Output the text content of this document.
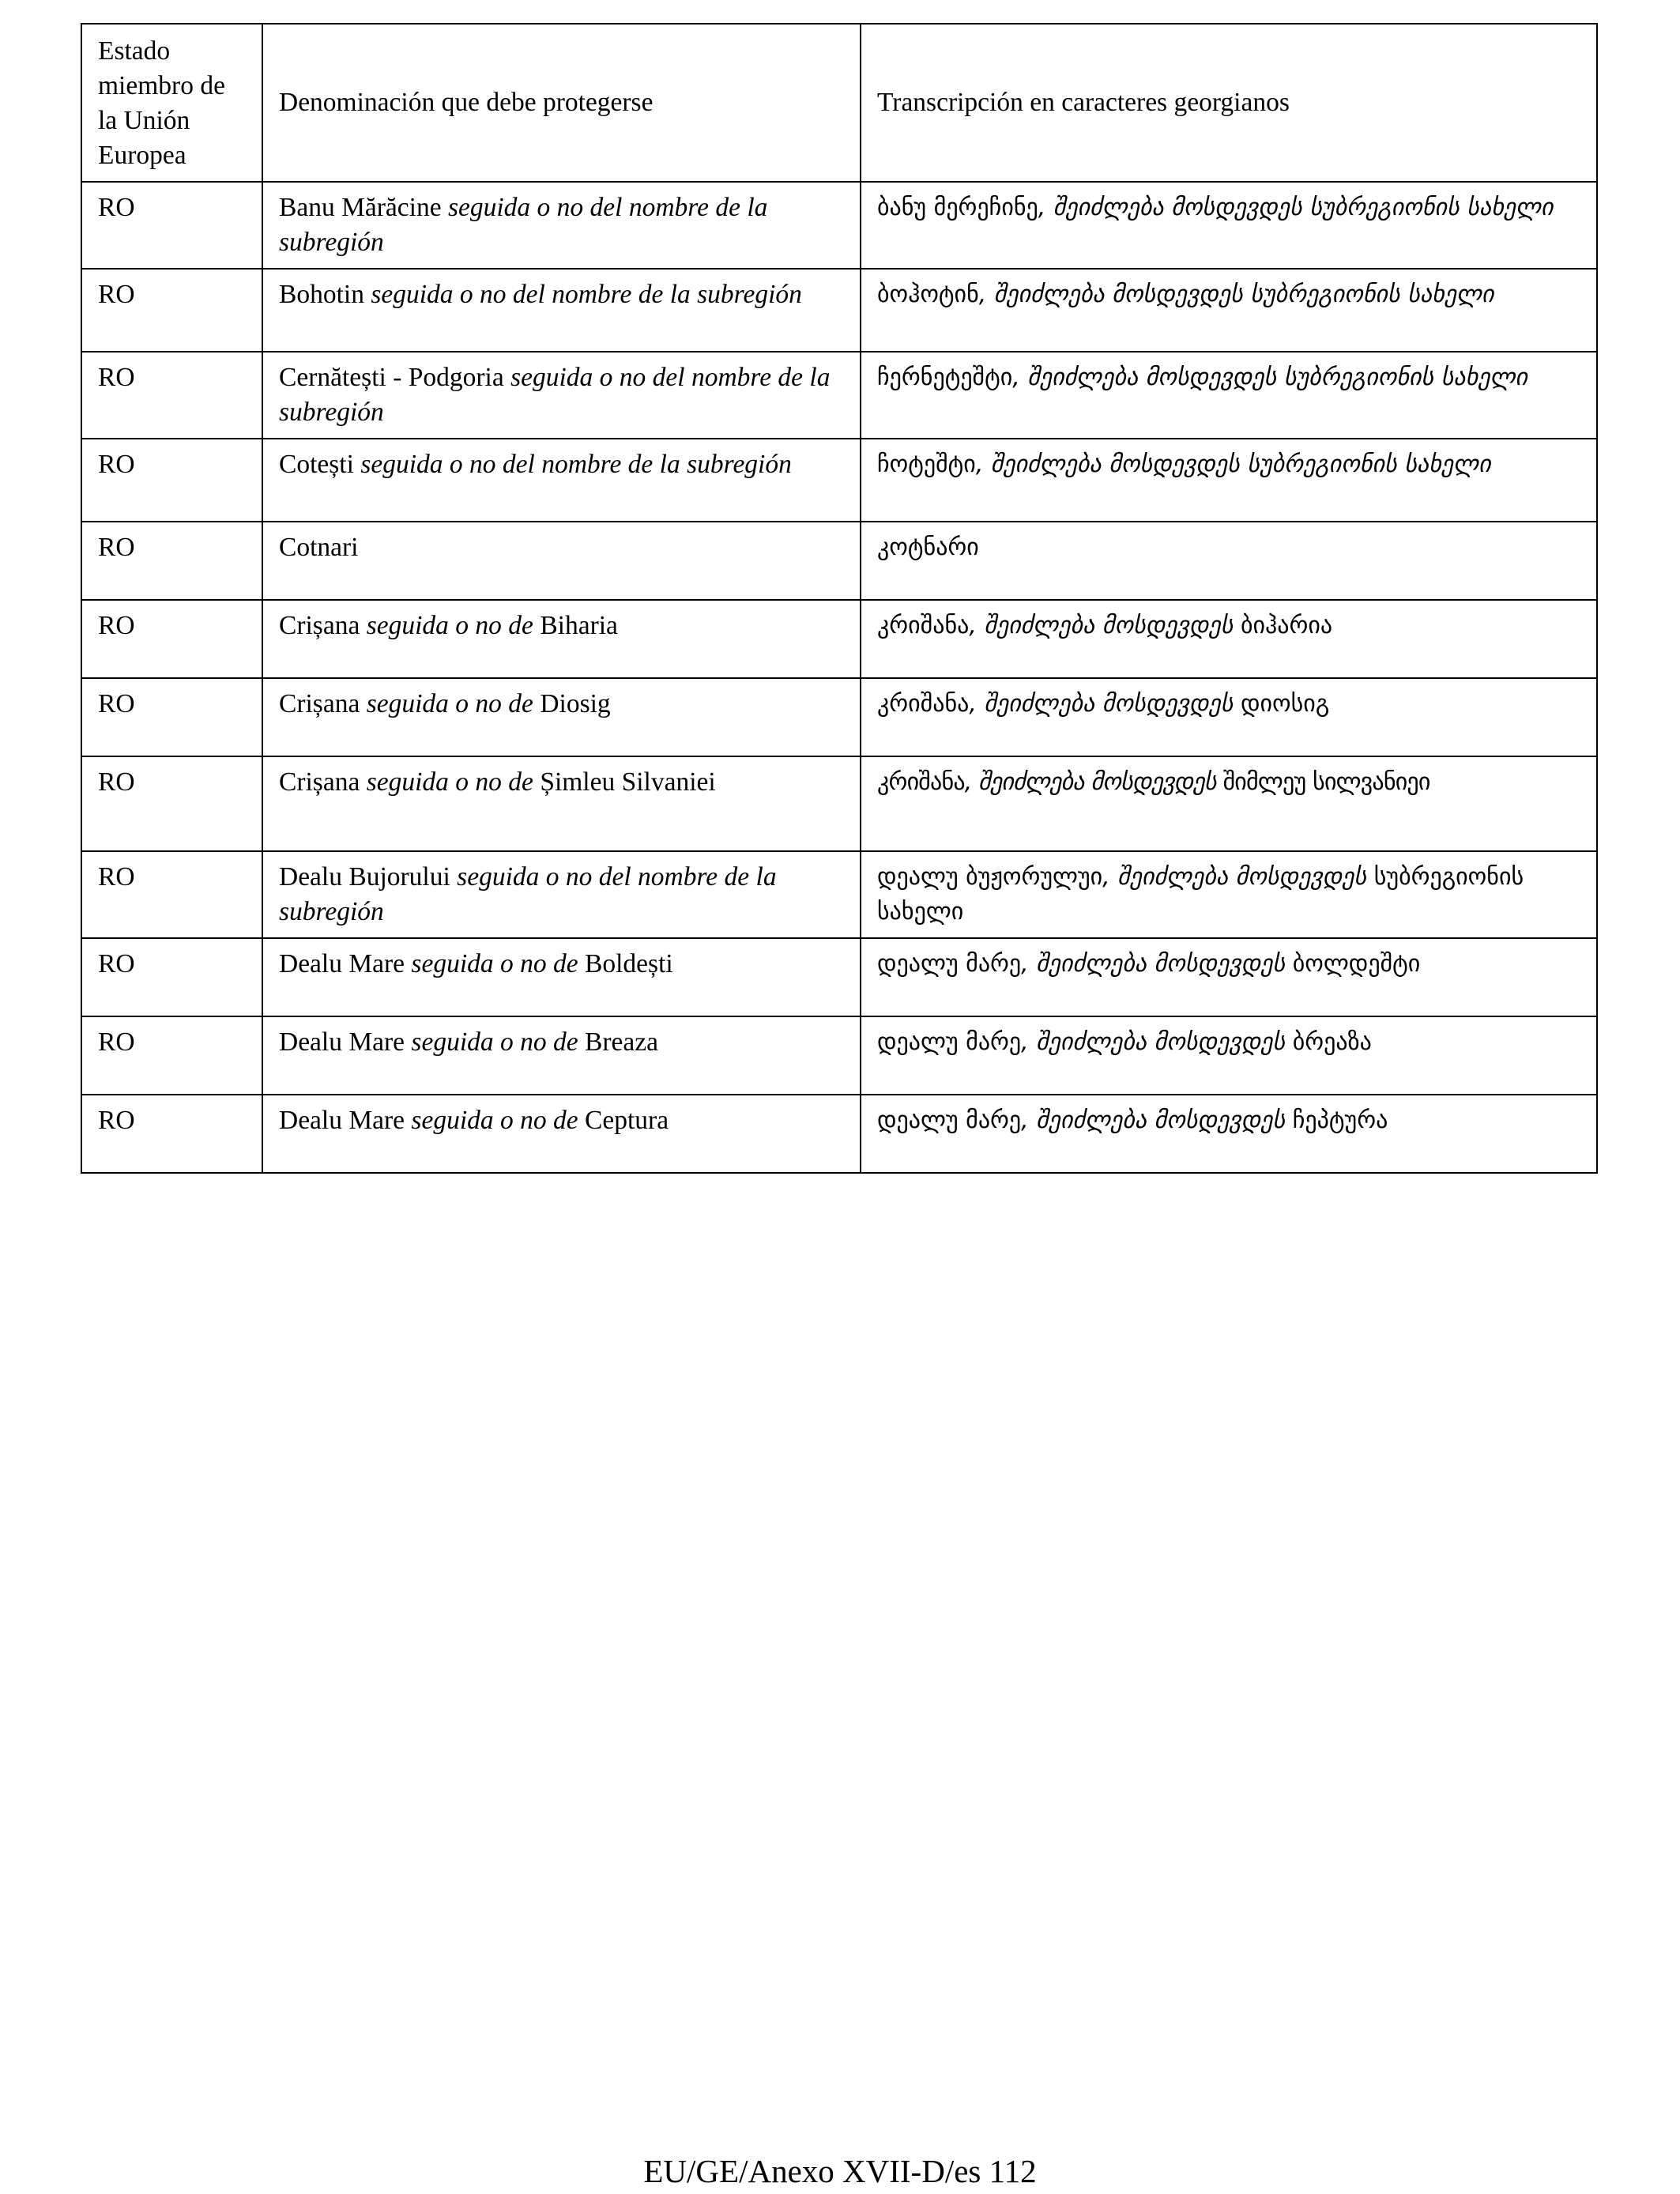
Estado miembro de la Unión Europea	Denominación que debe protegerse	Transcripción en caracteres georgianos
RO	Banu Mărăcine seguida o no del nombre de la subregión	ბანუ მერეჩინე, შეიძლება მოსდევდეს სუბრეგიონის სახელი
RO	Bohotin seguida o no del nombre de la subregión	ბოჰოტინ, შეიძლება მოსდევდეს სუბრეგიონის სახელი
RO	Cernătești - Podgoria seguida o no del nombre de la subregión	ჩერნეტეშტი, შეიძლება მოსდევდეს სუბრეგიონის სახელი
RO	Cotești seguida o no del nombre de la subregión	ჩოტეშტი, შეიძლება მოსდევდეს სუბრეგიონის სახელი
RO	Cotnari	კოტნარი
RO	Crișana seguida o no de Biharia	კრიშანა, შეიძლება მოსდევდეს ბიჰარია
RO	Crișana seguida o no de Diosig	კრიშანა, შეიძლება მოსდევდეს დიოსიგ
RO	Crișana seguida o no de Șimleu Silvaniei	კრიშანა, შეიძლება მოსდევდეს შიმლეუ სილვანიეი
RO	Dealu Bujorului seguida o no del nombre de la subregión	დეალუ ბუჟორულუი, შეიძლება მოსდევდეს სუბრეგიონის სახელი
RO	Dealu Mare seguida o no de Boldești	დეალუ მარე, შეიძლება მოსდევდეს ბოლდეშტი
RO	Dealu Mare seguida o no de Breaza	დეალუ მარე, შეიძლება მოსდევდეს ბრეაზა
RO	Dealu Mare seguida o no de Ceptura	დეალუ მარე, შეიძლება მოსდევდეს ჩეპტურა
EU/GE/Anexo XVII-D/es 112
